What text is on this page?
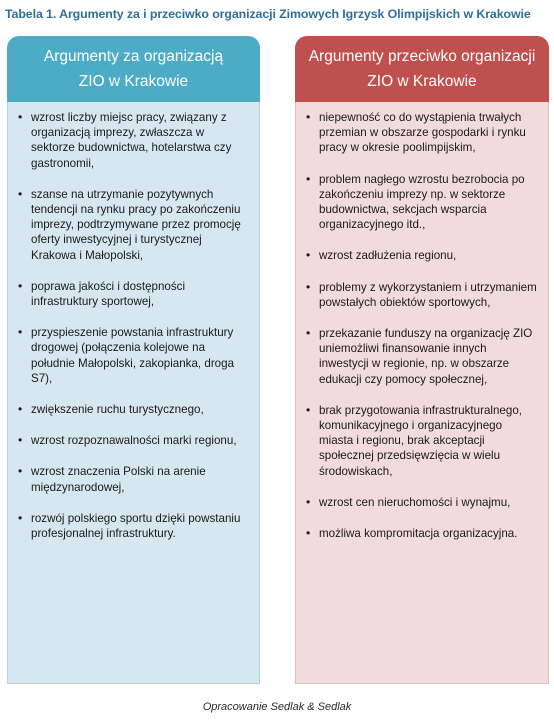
Tabela 1. Argumenty za i przeciwko organizacji Zimowych Igrzysk Olimpijskich w Krakowie
Argumenty za organizacją
ZIO w Krakowie
• wzrost liczby miejsc pracy, związany z organizacją imprezy, zwłaszcza w sektorze budownictwa, hotelarstwa czy gastronomii,
• szanse na utrzymanie pozytywnych tendencji na rynku pracy po zakończeniu imprezy, podtrzymywane przez promocję oferty inwestycyjnej i turystycznej Krakowa i Małopolski,
• poprawa jakości i dostępności infrastruktury sportowej,
• przyspieszenie powstania infrastruktury drogowej (połączenia kolejowe na południe Małopolski, zakopianka, droga S7),
• zwiększenie ruchu turystycznego,
• wzrost rozpoznawalności marki regionu,
• wzrost znaczenia Polski na arenie międzynarodowej,
• rozwój polskiego sportu dzięki powstaniu profesjonalnej infrastruktury.
Argumenty przeciwko organizacji
ZIO w Krakowie
• niepewność co do wystąpienia trwałych przemian w obszarze gospodarki i rynku pracy w okresie poolimpijskim,
• problem nagłego wzrostu bezrobocia po zakończeniu imprezy np. w sektorze budownictwa, sekcjach wsparcia organizacyjnego itd.,
• wzrost zadłużenia regionu,
• problemy z wykorzystaniem i utrzymaniem powstałych obiektów sportowych,
• przekazanie funduszy na organizację ZIO uniemożliwi finansowanie innych inwestycji w regionie, np. w obszarze edukacji czy pomocy społecznej,
• brak przygotowania infrastrukturalnego, komunikacyjnego i organizacyjnego miasta i regionu, brak akceptacji społecznej przedsięwzięcia w wielu środowiskach,
• wzrost cen nieruchomości i wynajmu,
• możliwa kompromitacja organizacyjna.
Opracowanie Sedlak & Sedlak
